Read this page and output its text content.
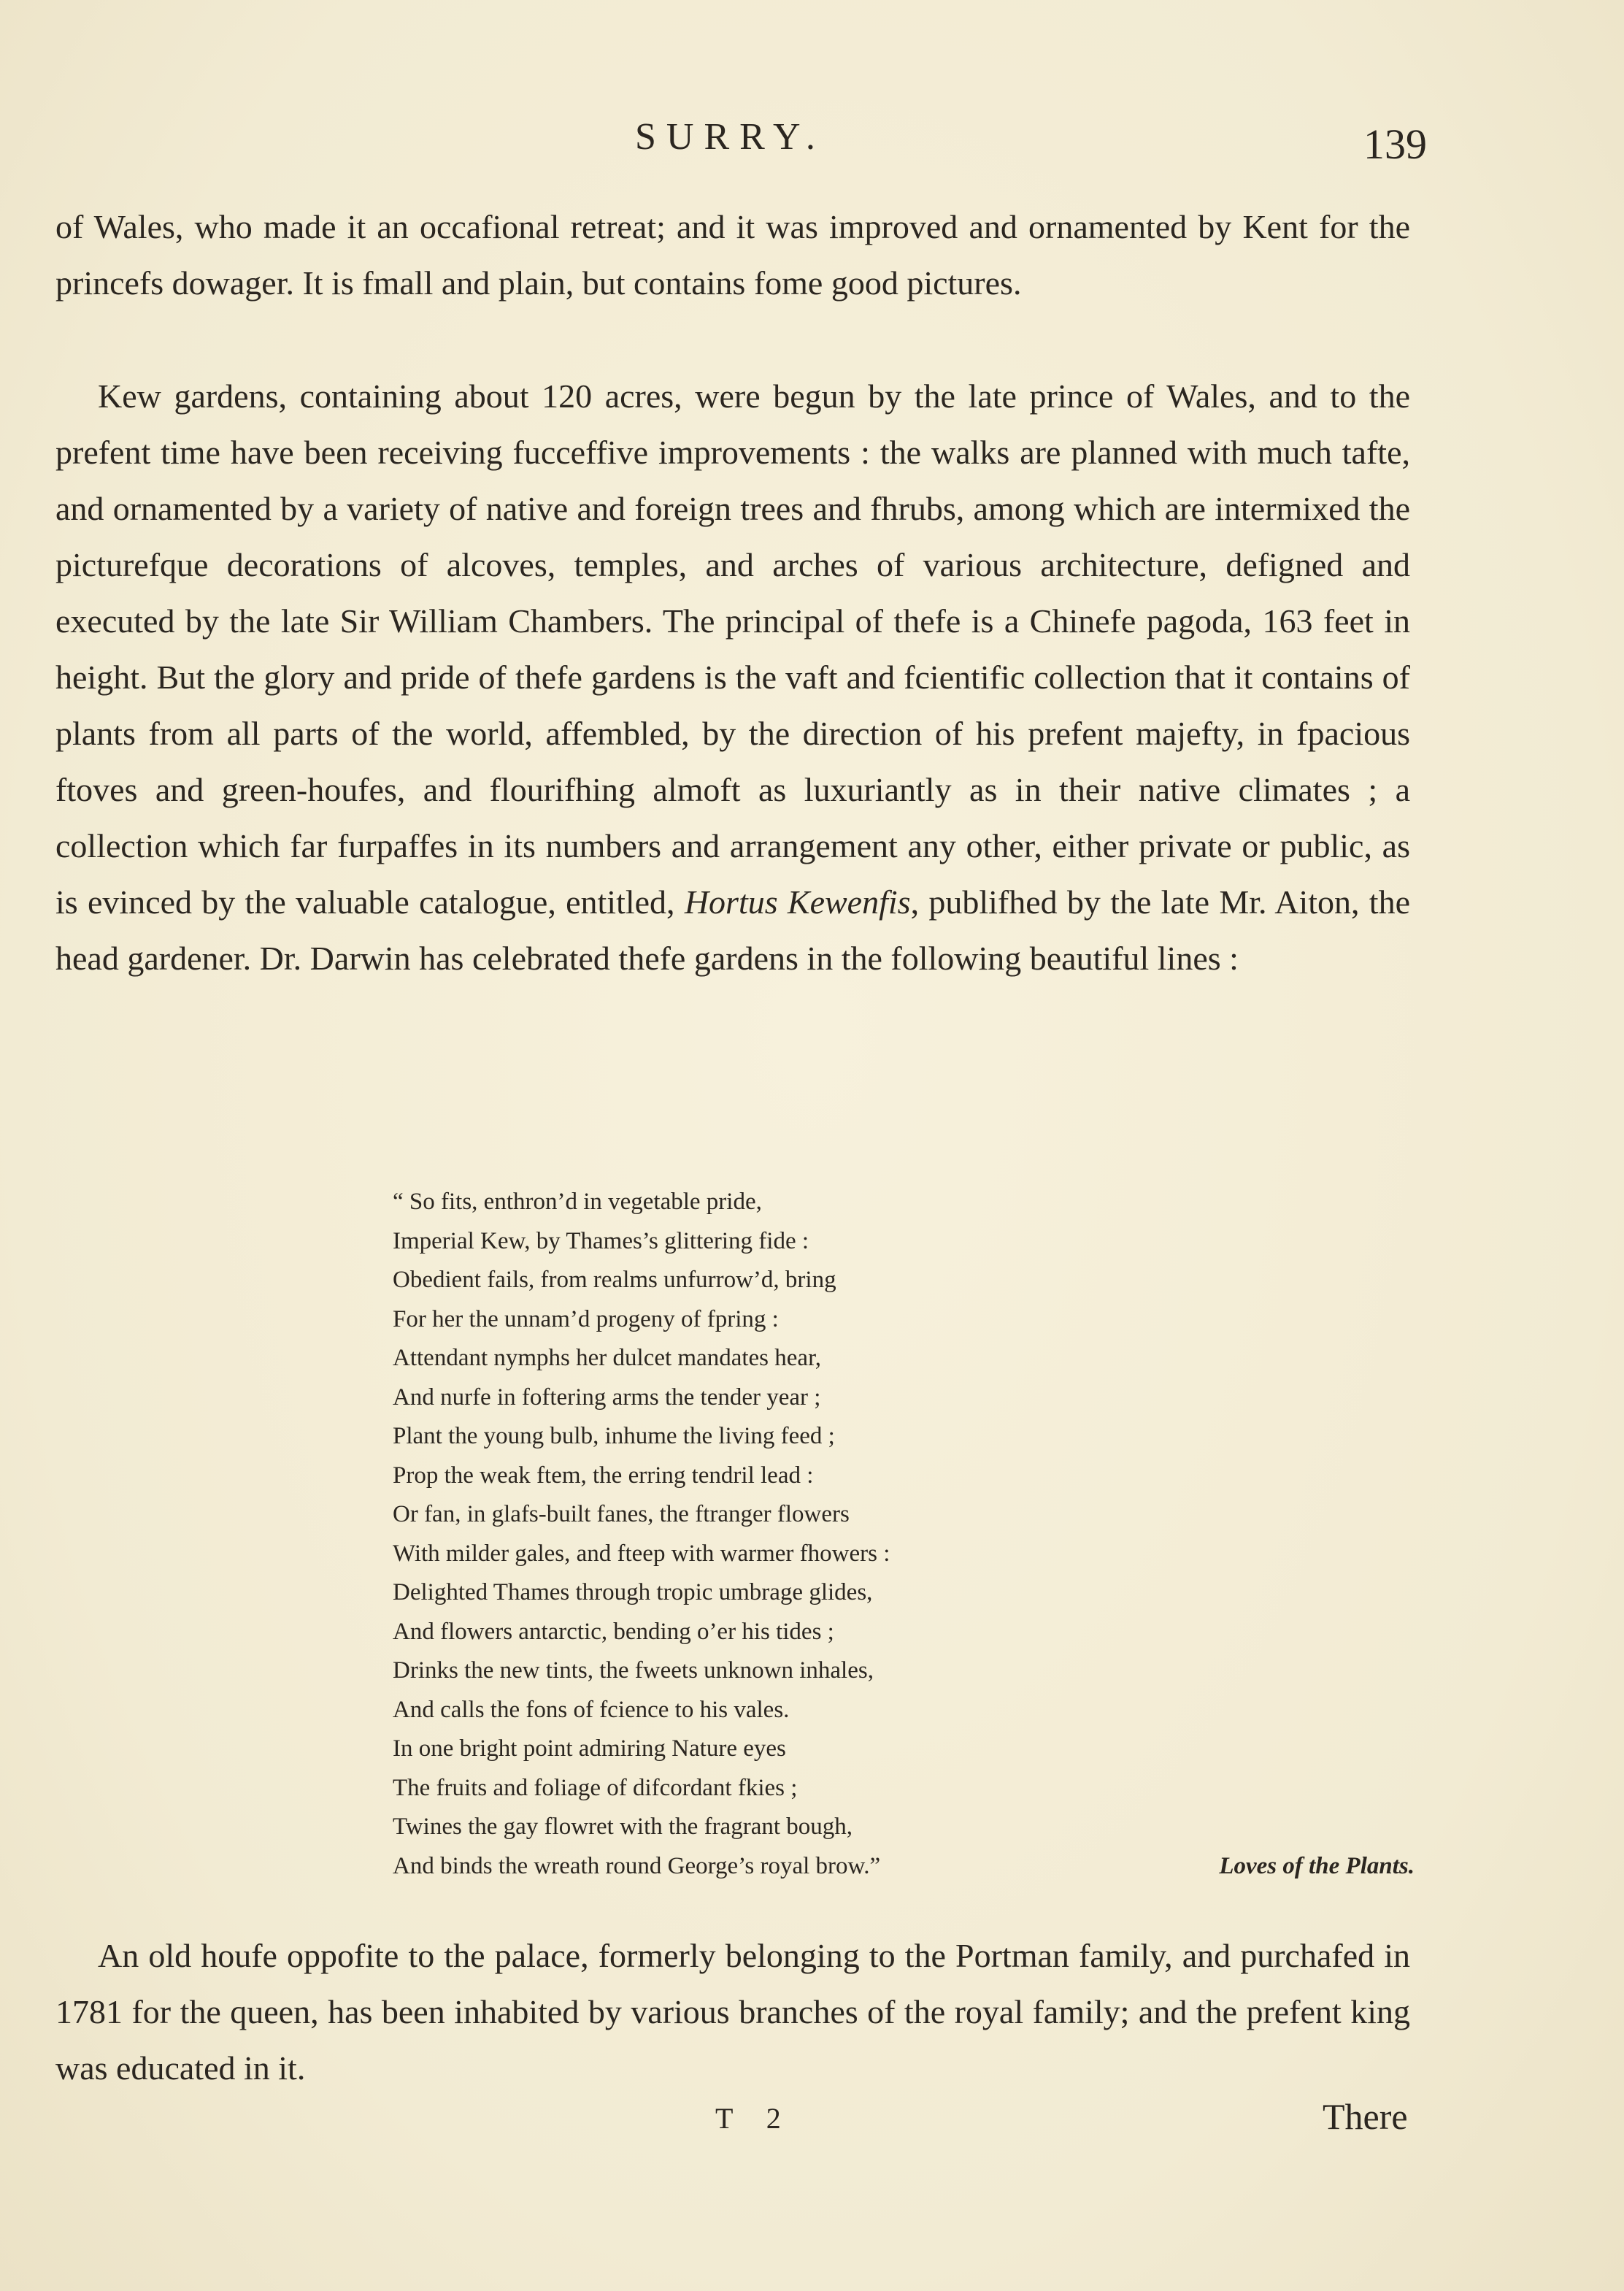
SURRY.	139

of Wales, who made it an occafional retreat; and it was improved and ornamented by Kent for the princefs dowager. It is fmall and plain, but contains fome good pictures.

Kew gardens, containing about 120 acres, were begun by the late prince of Wales, and to the prefent time have been receiving fucceffive improvements : the walks are planned with much tafte, and ornamented by a variety of native and foreign trees and fhrubs, among which are intermixed the picturefque decorations of alcoves, temples, and arches of various architecture, defigned and executed by the late Sir William Chambers. The principal of thefe is a Chinefe pagoda, 163 feet in height. But the glory and pride of thefe gardens is the vaft and fcientific collection that it contains of plants from all parts of the world, affembled, by the direction of his prefent majefty, in fpacious ftoves and green-houfes, and flourifhing almoft as luxuriantly as in their native climates ; a collection which far furpaffes in its numbers and arrangement any other, either private or public, as is evinced by the valuable catalogue, entitled, Hortus Kewenfis, publifhed by the late Mr. Aiton, the head gardener. Dr. Darwin has celebrated thefe gardens in the following beautiful lines :

“ So fits, enthron’d in vegetable pride,
Imperial Kew, by Thames’s glittering fide :
Obedient fails, from realms unfurrow’d, bring
For her the unnam’d progeny of fpring :
Attendant nymphs her dulcet mandates hear,
And nurfe in foftering arms the tender year ;
Plant the young bulb, inhume the living feed ;
Prop the weak ftem, the erring tendril lead :
Or fan, in glafs-built fanes, the ftranger flowers
With milder gales, and fteep with warmer fhowers :
Delighted Thames through tropic umbrage glides,
And flowers antarctic, bending o’er his tides ;
Drinks the new tints, the fweets unknown inhales,
And calls the fons of fcience to his vales.
In one bright point admiring Nature eyes
The fruits and foliage of difcordant fkies ;
Twines the gay flowret with the fragrant bough,
And binds the wreath round George’s royal brow.”	Loves of the Plants.

An old houfe oppofite to the palace, formerly belonging to the Portman family, and purchafed in 1781 for the queen, has been inhabited by various branches of the royal family; and the prefent king was educated in it.

T 2	There
